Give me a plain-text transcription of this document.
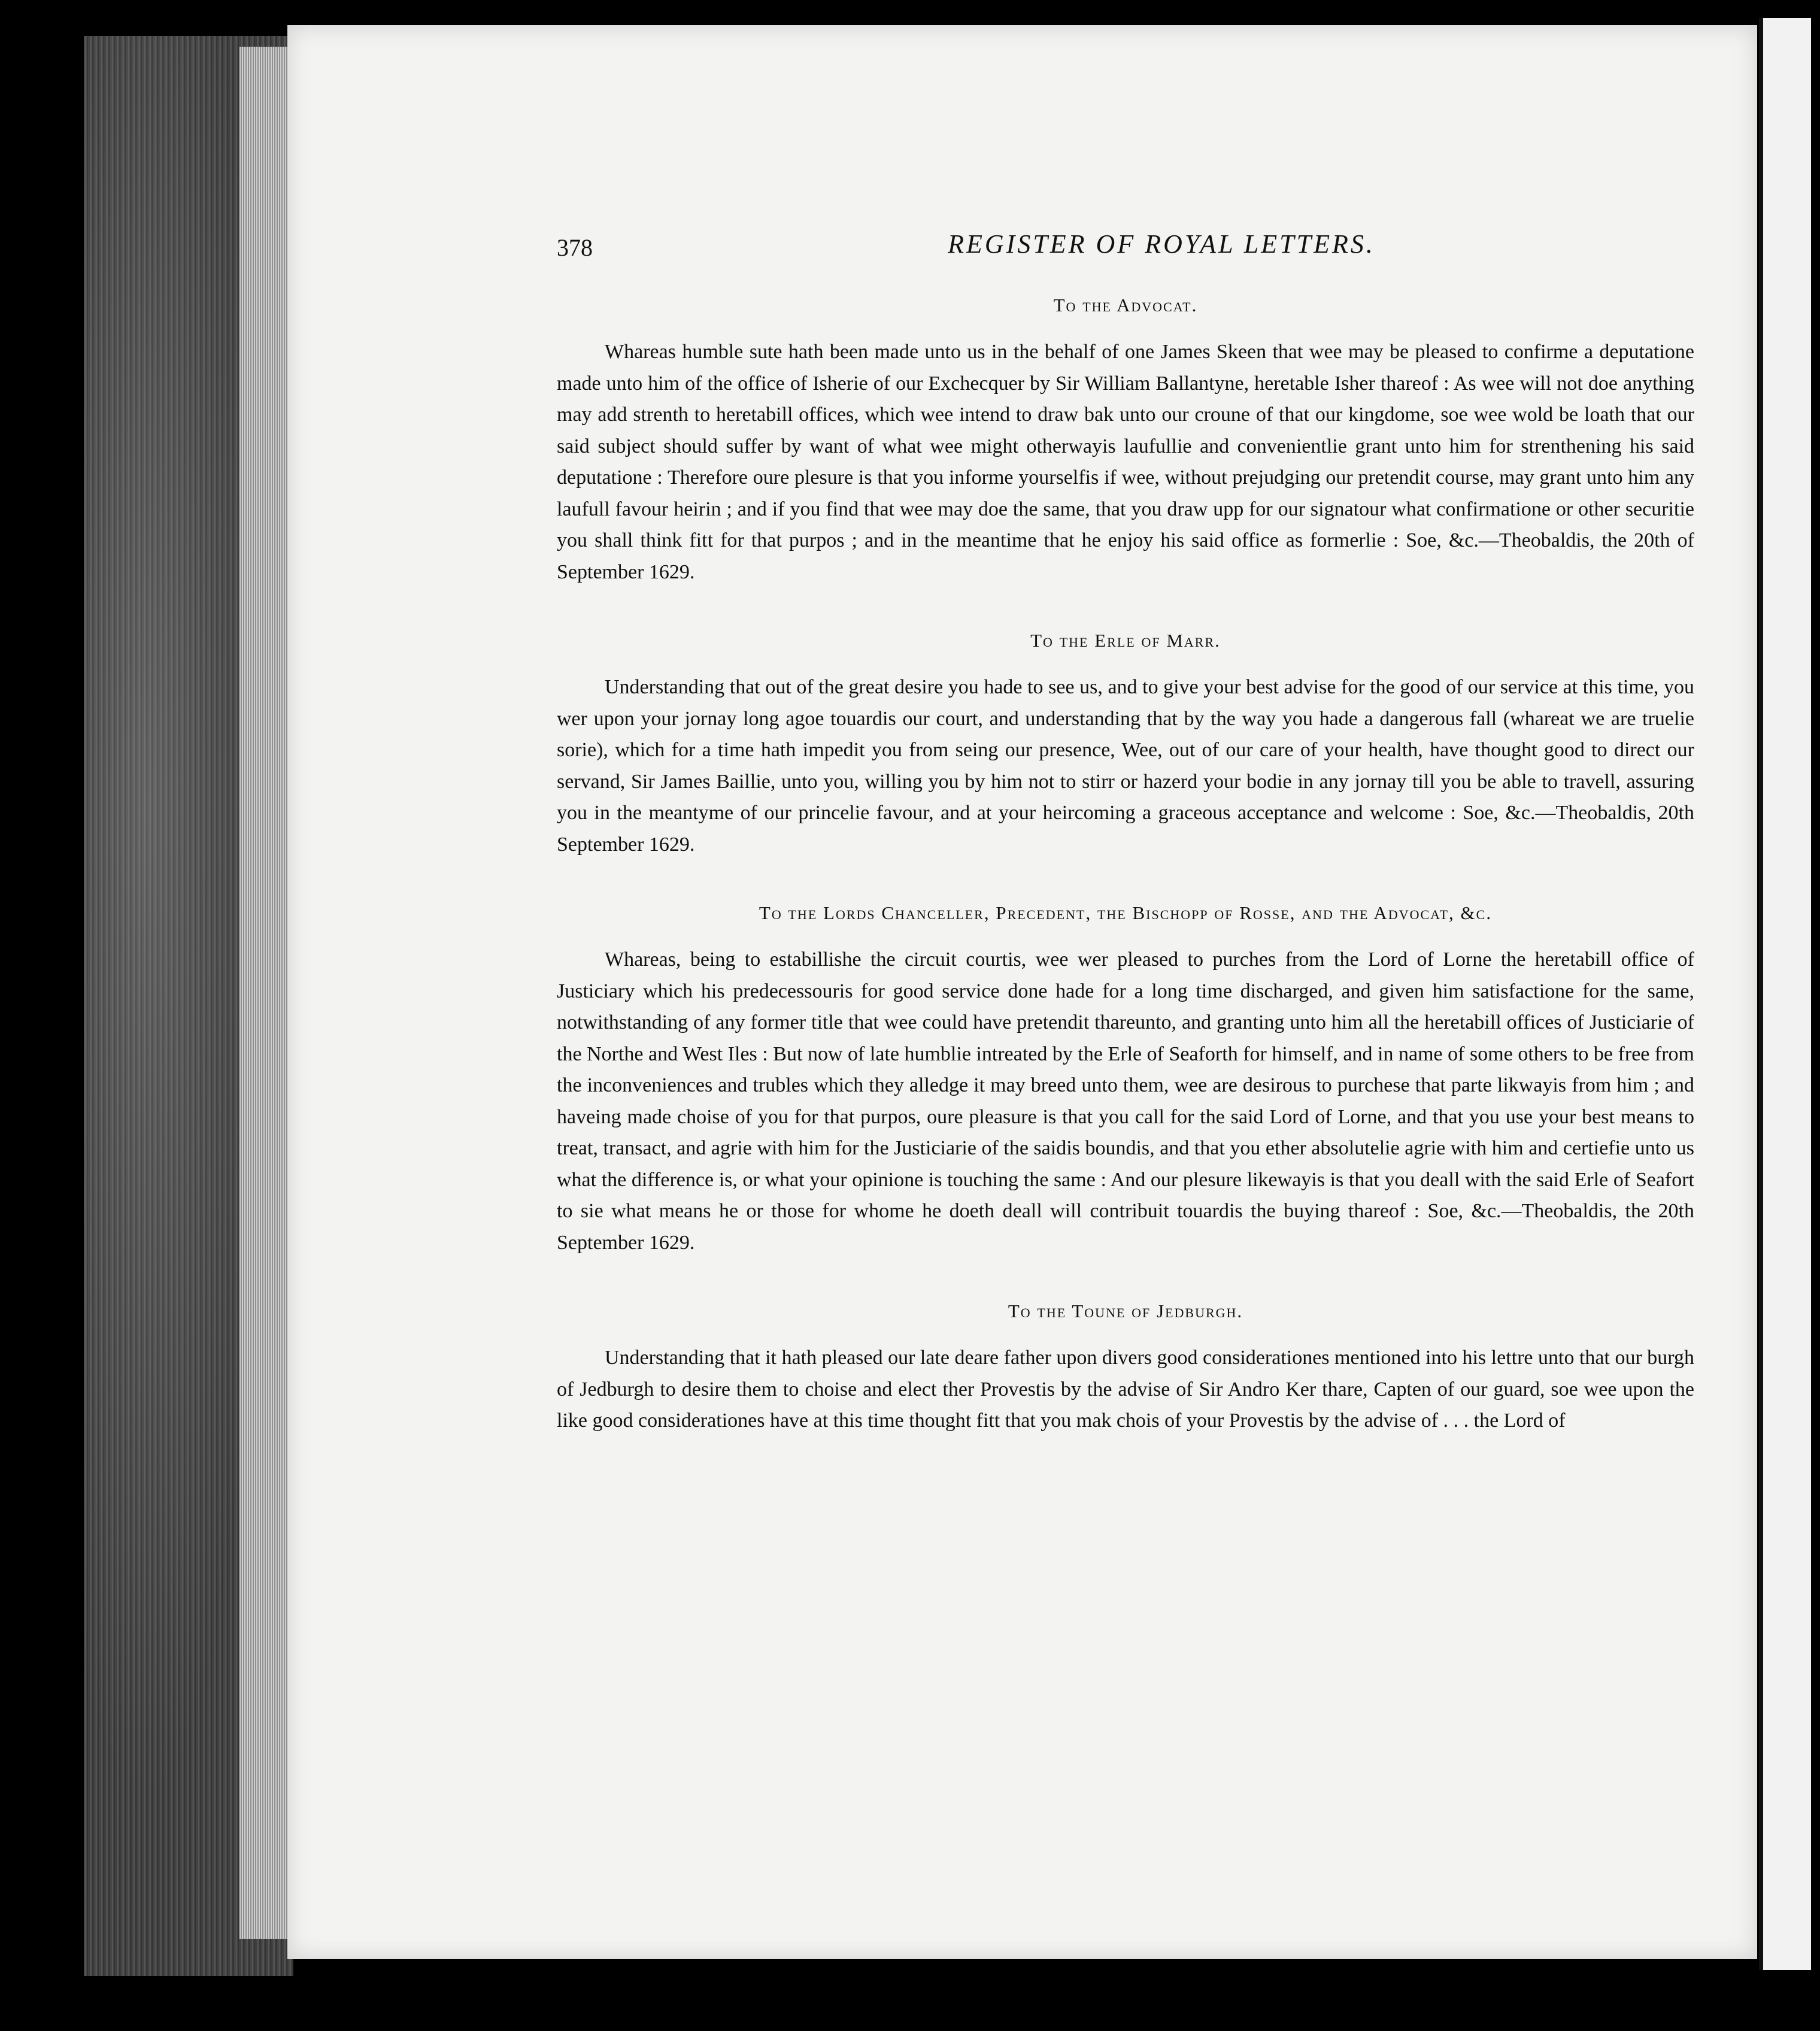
378	REGISTER OF ROYAL LETTERS.
To the Advocat.

Whareas humble sute hath been made unto us in the behalf of one James Skeen that wee may be pleased to confirme a deputatione made unto him of the office of Isherie of our Exchecquer by Sir William Ballantyne, heretable Isher thareof : As wee will not doe anything may add strenth to heretabill offices, which wee intend to draw bak unto our croune of that our kingdome, soe wee wold be loath that our said subject should suffer by want of what wee might otherwayis laufullie and convenientlie grant unto him for strenthening his said deputatione : Therefore oure plesure is that you informe yourselfis if wee, without prejudging our pretendit course, may grant unto him any laufull favour heirin ; and if you find that wee may doe the same, that you draw upp for our signatour what confirmatione or other securitie you shall think fitt for that purpos ; and in the meantime that he enjoy his said office as formerlie : Soe, &c.—Theobaldis, the 20th of September 1629.

To the Erle of Marr.

Understanding that out of the great desire you hade to see us, and to give your best advise for the good of our service at this time, you wer upon your jornay long agoe touardis our court, and understanding that by the way you hade a dangerous fall (whareat we are truelie sorie), which for a time hath impedit you from seing our presence, Wee, out of our care of your health, have thought good to direct our servand, Sir James Baillie, unto you, willing you by him not to stirr or hazerd your bodie in any jornay till you be able to travell, assuring you in the meantyme of our princelie favour, and at your heircoming a graceous acceptance and welcome : Soe, &c.—Theobaldis, 20th September 1629.

To the Lords Chanceller, Precedent, the Bischopp of Rosse, and the Advocat, &c.

Whareas, being to estabillishe the circuit courtis, wee wer pleased to purches from the Lord of Lorne the heretabill office of Justiciary which his predecessouris for good service done hade for a long time discharged, and given him satisfactione for the same, notwithstanding of any former title that wee could have pretendit thareunto, and granting unto him all the heretabill offices of Justiciarie of the Northe and West Iles : But now of late humblie intreated by the Erle of Seaforth for himself, and in name of some others to be free from the inconveniences and trubles which they alledge it may breed unto them, wee are desirous to purchese that parte likwayis from him ; and haveing made choise of you for that purpos, oure pleasure is that you call for the said Lord of Lorne, and that you use your best means to treat, transact, and agrie with him for the Justiciarie of the saidis boundis, and that you ether absolutelie agrie with him and certiefie unto us what the difference is, or what your opinione is touching the same : And our plesure likewayis is that you deall with the said Erle of Seafort to sie what means he or those for whome he doeth deall will contribuit touardis the buying thareof : Soe, &c.—Theobaldis, the 20th September 1629.

To the Toune of Jedburgh.

Understanding that it hath pleased our late deare father upon divers good considerationes mentioned into his lettre unto that our burgh of Jedburgh to desire them to choise and elect ther Provestis by the advise of Sir Andro Ker thare, Capten of our guard, soe wee upon the like good considerationes have at this time thought fitt that you mak chois of your Provestis by the advise of . . . the Lord of
